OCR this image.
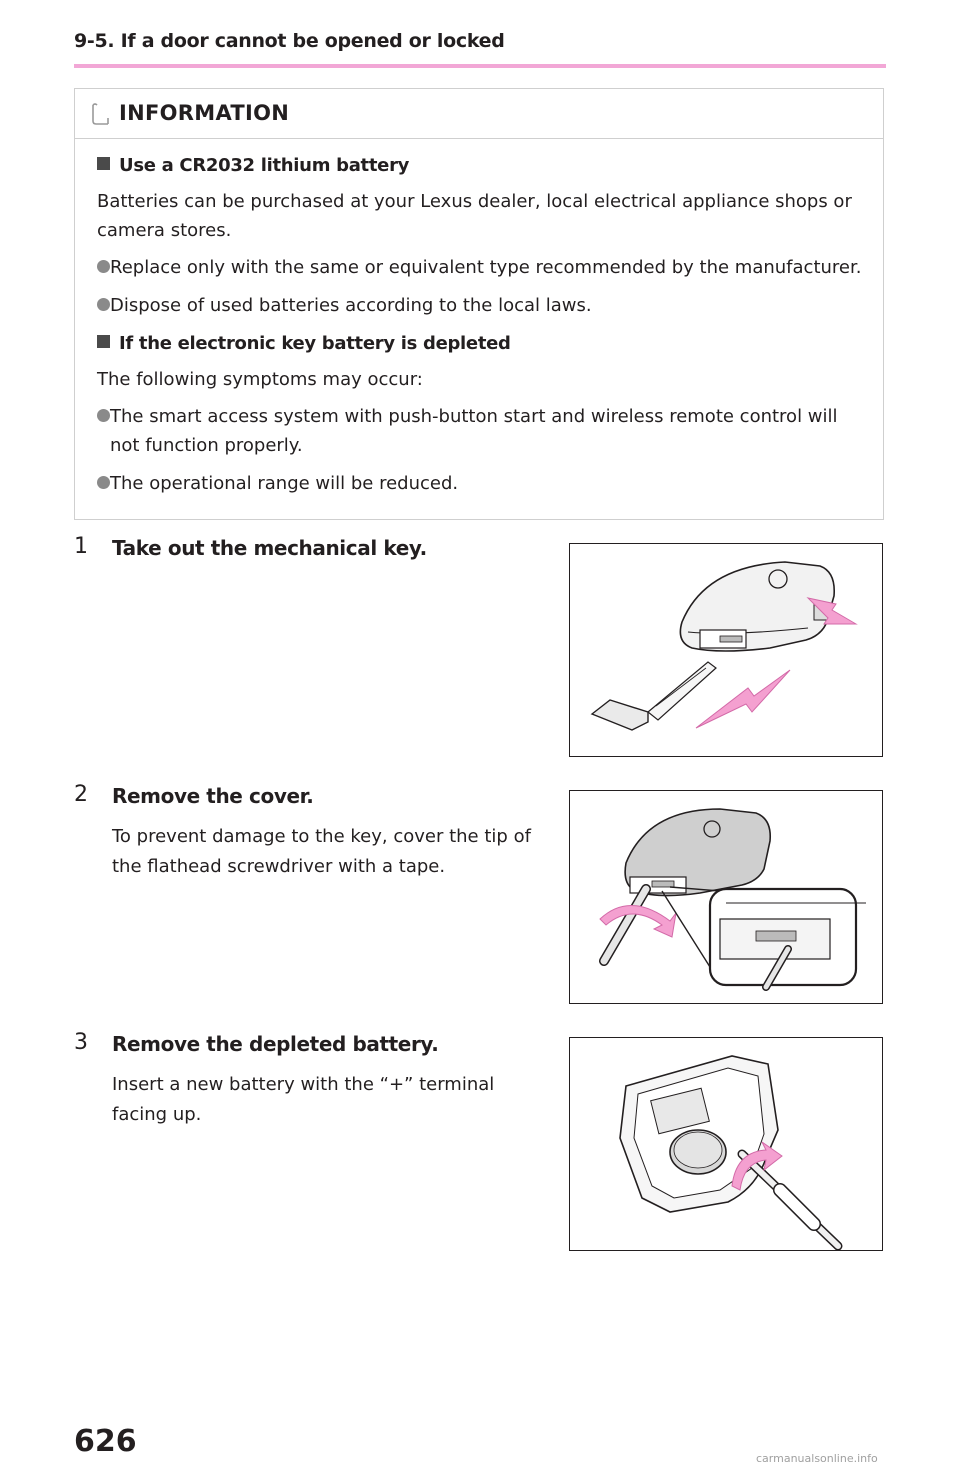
9-5. If a door cannot be opened or locked
INFORMATION
Use a CR2032 lithium battery
Batteries can be purchased at your Lexus dealer, local electrical appliance shops or camera stores.
Replace only with the same or equivalent type recommended by the manufacturer.
Dispose of used batteries according to the local laws.
If the electronic key battery is depleted
The following symptoms may occur:
The smart access system with push-button start and wireless remote control will not function properly.
The operational range will be reduced.
1 Take out the mechanical key.
2 Remove the cover.
To prevent damage to the key, cover the tip of the flathead screwdriver with a tape.
3 Remove the depleted battery.
Insert a new battery with the “+” terminal facing up.
626	carmanualsonline.info
